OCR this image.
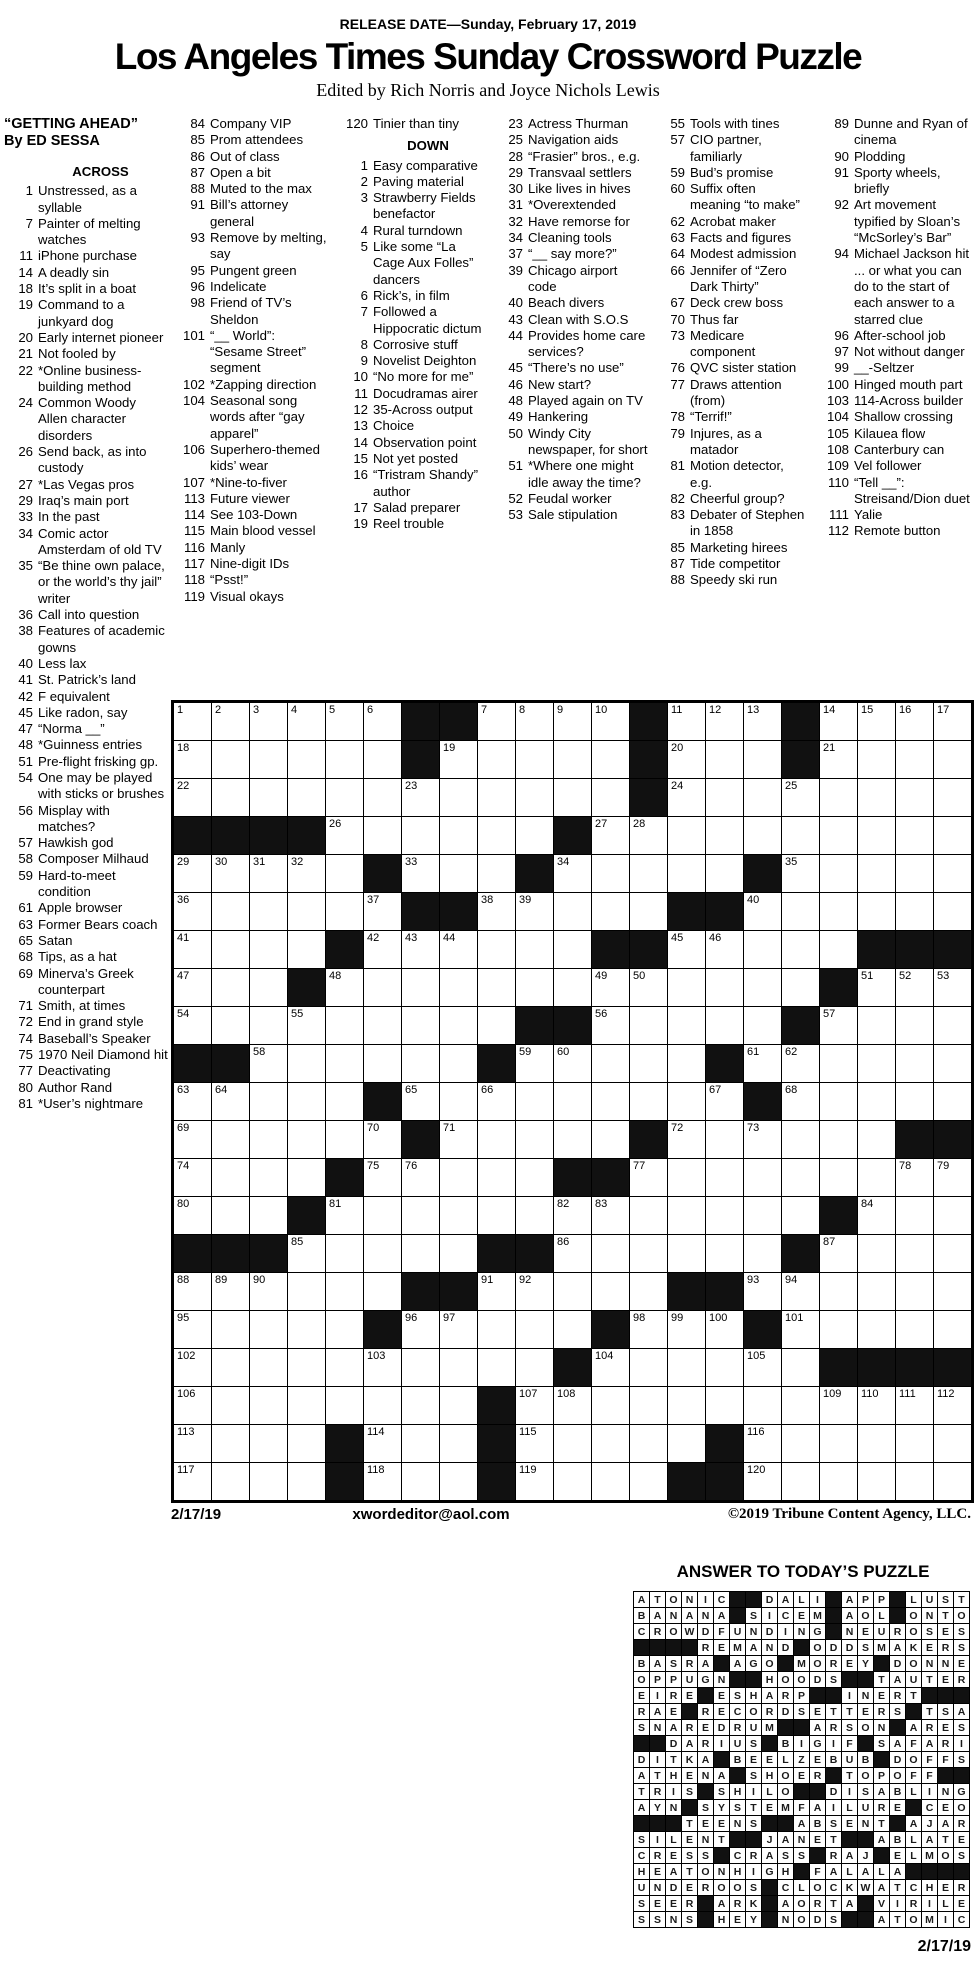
RELEASE DATE—Sunday, February 17, 2019
Los Angeles Times Sunday Crossword Puzzle
Edited by Rich Norris and Joyce Nichols Lewis
“GETTING AHEAD”
By ED SESSA
ACROSS
1 Unstressed, as a syllable
7 Painter of melting watches
11 iPhone purchase
14 A deadly sin
18 It’s split in a boat
19 Command to a junkyard dog
20 Early internet pioneer
21 Not fooled by
22 *Online business-building method
24 Common Woody Allen character disorders
26 Send back, as into custody
27 *Las Vegas pros
29 Iraq’s main port
33 In the past
34 Comic actor Amsterdam of old TV
35 “Be thine own palace, or the world’s thy jail” writer
36 Call into question
38 Features of academic gowns
40 Less lax
41 St. Patrick’s land
42 F equivalent
45 Like radon, say
47 “Norma __”
48 *Guinness entries
51 Pre-flight frisking gp.
54 One may be played with sticks or brushes
56 Misplay with matches?
57 Hawkish god
58 Composer Milhaud
59 Hard-to-meet condition
61 Apple browser
63 Former Bears coach
65 Satan
68 Tips, as a hat
69 Minerva’s Greek counterpart
71 Smith, at times
72 End in grand style
74 Baseball’s Speaker
75 1970 Neil Diamond hit
77 Deactivating
80 Author Rand
81 *User’s nightmare
84 Company VIP
85 Prom attendees
86 Out of class
87 Open a bit
88 Muted to the max
91 Bill’s attorney general
93 Remove by melting, say
95 Pungent green
96 Indelicate
98 Friend of TV’s Sheldon
101 “__ World”: “Sesame Street” segment
102 *Zapping direction
104 Seasonal song words after “gay apparel”
106 Superhero-themed kids’ wear
107 *Nine-to-fiver
113 Future viewer
114 See 103-Down
115 Main blood vessel
116 Manly
117 Nine-digit IDs
118 “Psst!”
119 Visual okays
120 Tinier than tiny
DOWN
1 Easy comparative
2 Paving material
3 Strawberry Fields benefactor
4 Rural turndown
5 Like some “La Cage Aux Folles” dancers
6 Rick’s, in film
7 Followed a Hippocratic dictum
8 Corrosive stuff
9 Novelist Deighton
10 “No more for me”
11 Docudramas airer
12 35-Across output
13 Choice
14 Observation point
15 Not yet posted
16 “Tristram Shandy” author
17 Salad preparer
19 Reel trouble
23 Actress Thurman
25 Navigation aids
28 “Frasier” bros., e.g.
29 Transvaal settlers
30 Like lives in hives
31 *Overextended
32 Have remorse for
34 Cleaning tools
37 “__ say more?”
39 Chicago airport code
40 Beach divers
43 Clean with S.O.S
44 Provides home care services?
45 “There’s no use”
46 New start?
48 Played again on TV
49 Hankering
50 Windy City newspaper, for short
51 *Where one might idle away the time?
52 Feudal worker
53 Sale stipulation
55 Tools with tines
57 CIO partner, familiarly
59 Bud’s promise
60 Suffix often meaning “to make”
62 Acrobat maker
63 Facts and figures
64 Modest admission
66 Jennifer of “Zero Dark Thirty”
67 Deck crew boss
70 Thus far
73 Medicare component
76 QVC sister station
77 Draws attention (from)
78 “Terrif!”
79 Injures, as a matador
81 Motion detector, e.g.
82 Cheerful group?
83 Debater of Stephen in 1858
85 Marketing hirees
87 Tide competitor
88 Speedy ski run
89 Dunne and Ryan of cinema
90 Plodding
91 Sporty wheels, briefly
92 Art movement typified by Sloan’s “McSorley’s Bar”
94 Michael Jackson hit ... or what you can do to the start of each answer to a starred clue
96 After-school job
97 Not without danger
99 __-Seltzer
100 Hinged mouth part
103 114-Across builder
104 Shallow crossing
105 Kilauea flow
108 Canterbury can
109 Vel follower
110 “Tell __”: Streisand/Dion duet
111 Yalie
112 Remote button
1	2	3	4	5	6			7	8	9	10		11	12	13		14	15	16	17

18							19						20				21			

22						23							24			25				

				26							27	28								

29	30	31	32			33				34						35				

36					37			38	39						40					

41					42	43	44						45	46						

47				48							49	50						51	52	53

54			55								56						57			

		58							59	60					61	62				

63	64					65		66						67		68				

69					70		71						72		73					

74					75	76						77							78	79

80				81						82	83							84		

			85							86							87			

88	89	90						91	92						93	94				

95						96	97					98	99	100		101				

102					103						104				105					

106									107	108							109	110	111	112

113					114				115						116					

117					118				119						120					

2/17/19	xwordeditor@aol.com	©2019 Tribune Content Agency, LLC.
ANSWER TO TODAY’S PUZZLE
A	T	O	N	I	C			D	A	L	I		A	P	P		L	U	S	T
B	A	N	A	N	A		S	I	C	E	M		A	O	L		O	N	T	O
C	R	O	W	D	F	U	N	D	I	N	G		N	E	U	R	O	S	E	S
				R	E	M	A	N	D		O	D	D	S	M	A	K	E	R	S
B	A	S	R	A		A	G	O		M	O	R	E	Y		D	O	N	N	E
O	P	P	U	G	N			H	O	O	D	S			T	A	U	T	E	R
E	I	R	E		E	S	H	A	R	P			I	N	E	R	T			
R	A	E		R	E	C	O	R	D	S	E	T	T	E	R	S		T	S	A
S	N	A	R	E	D	R	U	M			A	R	S	O	N		A	R	E	S
		D	A	R	I	U	S		B	I	G	I	F		S	A	F	A	R	I
D	I	T	K	A		B	E	E	L	Z	E	B	U	B		D	O	F	F	S
A	T	H	E	N	A		S	H	O	E	R		T	O	P	O	F	F		
T	R	I	S		S	H	I	L	O			D	I	S	A	B	L	I	N	G
A	Y	N		S	Y	S	T	E	M	F	A	I	L	U	R	E		C	E	O
			T	E	E	N	S			A	B	S	E	N	T		A	J	A	R
S	I	L	E	N	T			J	A	N	E	T			A	B	L	A	T	E
C	R	E	S	S		C	R	A	S	S		R	A	J		E	L	M	O	S
H	E	A	T	O	N	H	I	G	H		F	A	L	A	L	A				
U	N	D	E	R	O	O	S		C	L	O	C	K	W	A	T	C	H	E	R
S	E	E	R		A	R	K		A	O	R	T	A		V	I	R	I	L	E
S	S	N	S		H	E	Y		N	O	D	S			A	T	O	M	I	C
2/17/19
